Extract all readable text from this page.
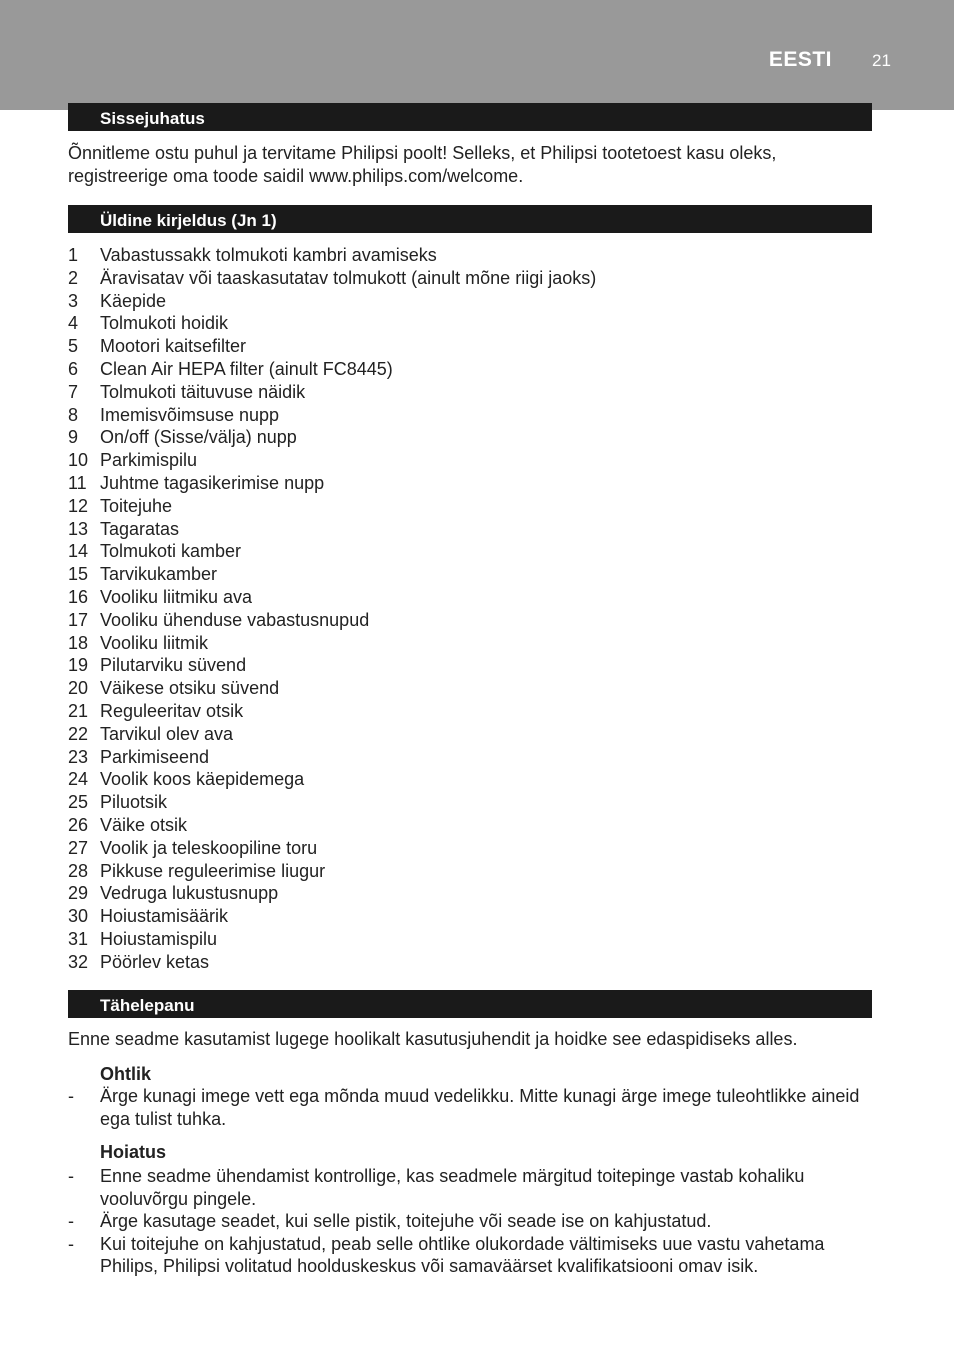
EESTI 21
Sissejuhatus
Õnnitleme ostu puhul ja tervitame Philipsi poolt! Selleks, et Philipsi tootetoest kasu oleks, registreerige oma toode saidil www.philips.com/welcome.
Üldine kirjeldus (Jn 1)
1 Vabastussakk tolmukoti kambri avamiseks
2 Äravisatav või taaskasutatav tolmukott (ainult mõne riigi jaoks)
3 Käepide
4 Tolmukoti hoidik
5 Mootori kaitsefilter
6 Clean Air HEPA filter (ainult FC8445)
7 Tolmukoti täituvuse näidik
8 Imemisvõimsuse nupp
9 On/off (Sisse/välja) nupp
10 Parkimispilu
11 Juhtme tagasikerimise nupp
12 Toitejuhe
13 Tagaratas
14 Tolmukoti kamber
15 Tarvikukamber
16 Vooliku liitmiku ava
17 Vooliku ühenduse vabastusnupud
18 Vooliku liitmik
19 Pilutarviku süvend
20 Väikese otsiku süvend
21 Reguleeritav otsik
22 Tarvikul olev ava
23 Parkimiseend
24 Voolik koos käepidemega
25 Piluotsik
26 Väike otsik
27 Voolik ja teleskoopiline toru
28 Pikkuse reguleerimise liugur
29 Vedruga lukustusnupp
30 Hoiustamisäärik
31 Hoiustamispilu
32 Pöörlev ketas
Tähelepanu
Enne seadme kasutamist lugege hoolikalt kasutusjuhendit ja hoidke see edaspidiseks alles.
Ohtlik
- Ärge kunagi imege vett ega mõnda muud vedelikku. Mitte kunagi ärge imege tuleohtlikke aineid ega tulist tuhka.
Hoiatus
- Enne seadme ühendamist kontrollige, kas seadmele märgitud toitepinge vastab kohaliku vooluvõrgu pingele.
- Ärge kasutage seadet, kui selle pistik, toitejuhe või seade ise on kahjustatud.
- Kui toitejuhe on kahjustatud, peab selle ohtlike olukordade vältimiseks uue vastu vahetama Philips, Philipsi volitatud hoolduskeskus või samaväärset kvalifikatsiooni omav isik.
